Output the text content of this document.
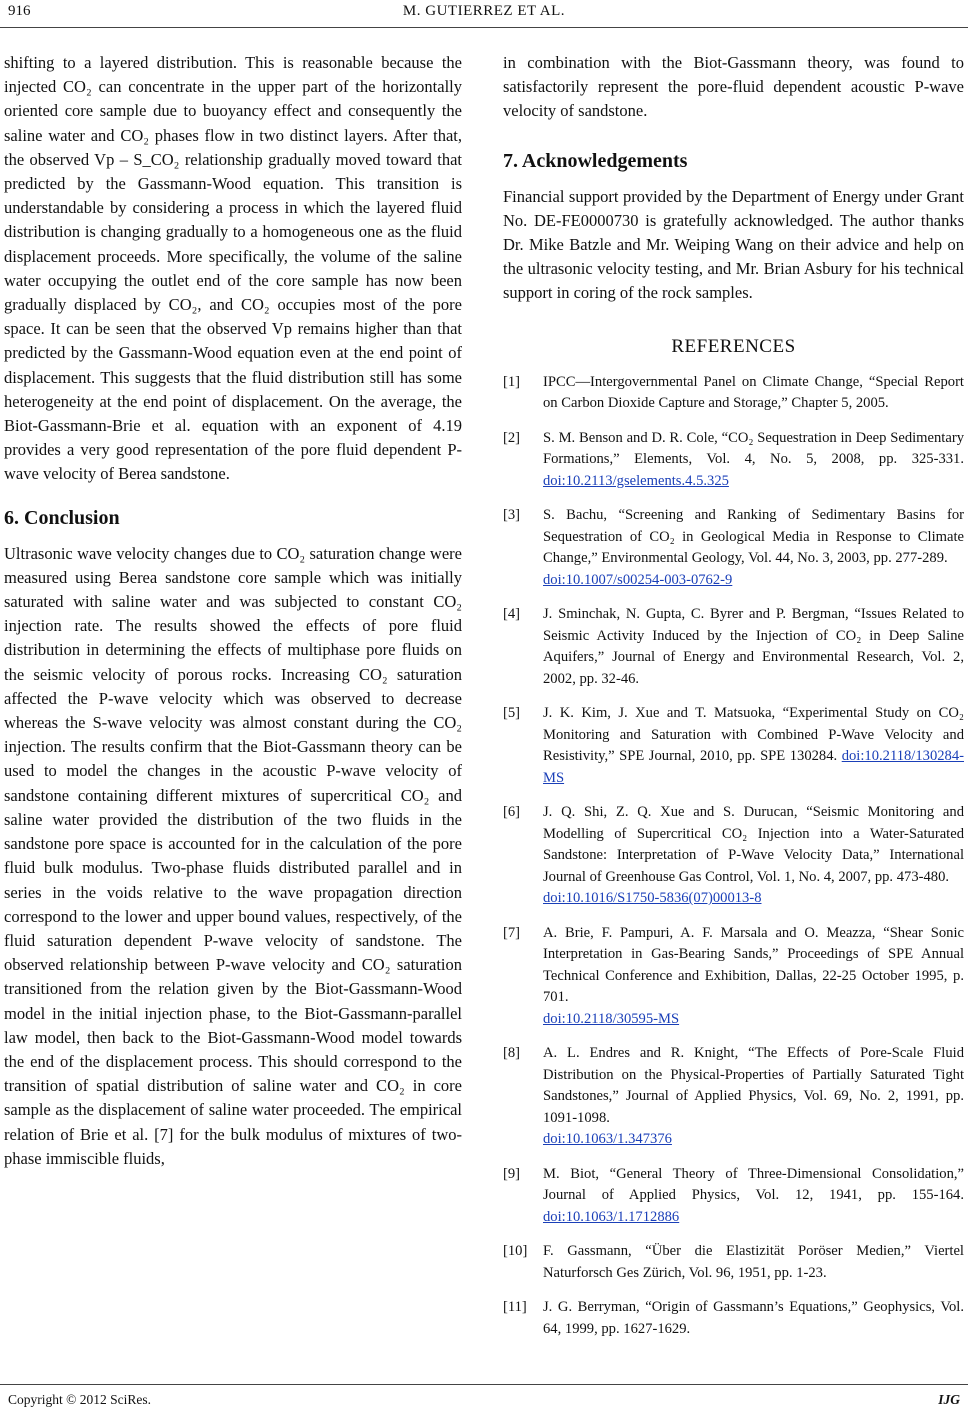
916	M. GUTIERREZ ET AL.

shifting to a layered distribution. This is reasonable because the injected CO₂ can concentrate in the upper part of the horizontally oriented core sample due to buoyancy effect and consequently the saline water and CO₂ phases flow in two distinct layers. After that, the observed Vp – S_CO₂ relationship gradually moved toward that predicted by the Gassmann-Wood equation. This transition is understandable by considering a process in which the layered fluid distribution is changing gradually to a homogeneous one as the fluid displacement proceeds. More specifically, the volume of the saline water occupying the outlet end of the core sample has now been gradually displaced by CO₂, and CO₂ occupies most of the pore space. It can be seen that the observed Vp remains higher than that predicted by the Gassmann-Wood equation even at the end point of displacement. This suggests that the fluid distribution still has some heterogeneity at the end point of displacement. On the average, the Biot-Gassmann-Brie et al. equation with an exponent of 4.19 provides a very good representation of the pore fluid dependent P-wave velocity of Berea sandstone.

6. Conclusion

Ultrasonic wave velocity changes due to CO₂ saturation change were measured using Berea sandstone core sample which was initially saturated with saline water and was subjected to constant CO₂ injection rate. The results showed the effects of pore fluid distribution in determining the effects of multiphase pore fluids on the seismic velocity of porous rocks. Increasing CO₂ saturation affected the P-wave velocity which was observed to decrease whereas the S-wave velocity was almost constant during the CO₂ injection. The results confirm that the Biot-Gassmann theory can be used to model the changes in the acoustic P-wave velocity of sandstone containing different mixtures of supercritical CO₂ and saline water provided the distribution of the two fluids in the sandstone pore space is accounted for in the calculation of the pore fluid bulk modulus. Two-phase fluids distributed parallel and in series in the voids relative to the wave propagation direction correspond to the lower and upper bound values, respectively, of the fluid saturation dependent P-wave velocity of sandstone. The observed relationship between P-wave velocity and CO₂ saturation transitioned from the relation given by the Biot-Gassmann-Wood model in the initial injection phase, to the Biot-Gassmann-parallel law model, then back to the Biot-Gassmann-Wood model towards the end of the displacement process. This should correspond to the transition of spatial distribution of saline water and CO₂ in core sample as the displacement of saline water proceeded. The empirical relation of Brie et al. [7] for the bulk modulus of mixtures of two-phase immiscible fluids,

in combination with the Biot-Gassmann theory, was found to satisfactorily represent the pore-fluid dependent acoustic P-wave velocity of sandstone.

7. Acknowledgements

Financial support provided by the Department of Energy under Grant No. DE-FE0000730 is gratefully acknowledged. The author thanks Dr. Mike Batzle and Mr. Weiping Wang on their advice and help on the ultrasonic velocity testing, and Mr. Brian Asbury for his technical support in coring of the rock samples.

REFERENCES
[1] IPCC—Intergovernmental Panel on Climate Change, “Special Report on Carbon Dioxide Capture and Storage,” Chapter 5, 2005.
[2] S. M. Benson and D. R. Cole, “CO₂ Sequestration in Deep Sedimentary Formations,” Elements, Vol. 4, No. 5, 2008, pp. 325-331. doi:10.2113/gselements.4.5.325
[3] S. Bachu, “Screening and Ranking of Sedimentary Basins for Sequestration of CO₂ in Geological Media in Response to Climate Change,” Environmental Geology, Vol. 44, No. 3, 2003, pp. 277-289.
doi:10.1007/s00254-003-0762-9
[4] J. Sminchak, N. Gupta, C. Byrer and P. Bergman, “Issues Related to Seismic Activity Induced by the Injection of CO₂ in Deep Saline Aquifers,” Journal of Energy and Environmental Research, Vol. 2, 2002, pp. 32-46.
[5] J. K. Kim, J. Xue and T. Matsuoka, “Experimental Study on CO₂ Monitoring and Saturation with Combined P-Wave Velocity and Resistivity,” SPE Journal, 2010, pp. SPE 130284. doi:10.2118/130284-MS
[6] J. Q. Shi, Z. Q. Xue and S. Durucan, “Seismic Monitoring and Modelling of Supercritical CO₂ Injection into a Water-Saturated Sandstone: Interpretation of P-Wave Velocity Data,” International Journal of Greenhouse Gas Control, Vol. 1, No. 4, 2007, pp. 473-480.
doi:10.1016/S1750-5836(07)00013-8
[7] A. Brie, F. Pampuri, A. F. Marsala and O. Meazza, “Shear Sonic Interpretation in Gas-Bearing Sands,” Proceedings of SPE Annual Technical Conference and Exhibition, Dallas, 22-25 October 1995, p. 701.
doi:10.2118/30595-MS
[8] A. L. Endres and R. Knight, “The Effects of Pore-Scale Fluid Distribution on the Physical-Properties of Partially Saturated Tight Sandstones,” Journal of Applied Physics, Vol. 69, No. 2, 1991, pp. 1091-1098.
doi:10.1063/1.347376
[9] M. Biot, “General Theory of Three-Dimensional Consolidation,” Journal of Applied Physics, Vol. 12, 1941, pp. 155-164. doi:10.1063/1.1712886
[10] F. Gassmann, “Über die Elastizität Poröser Medien,” Viertel Naturforsch Ges Zürich, Vol. 96, 1951, pp. 1-23.
[11] J. G. Berryman, “Origin of Gassmann’s Equations,” Geophysics, Vol. 64, 1999, pp. 1627-1629.
Copyright © 2012 SciRes.	IJG
